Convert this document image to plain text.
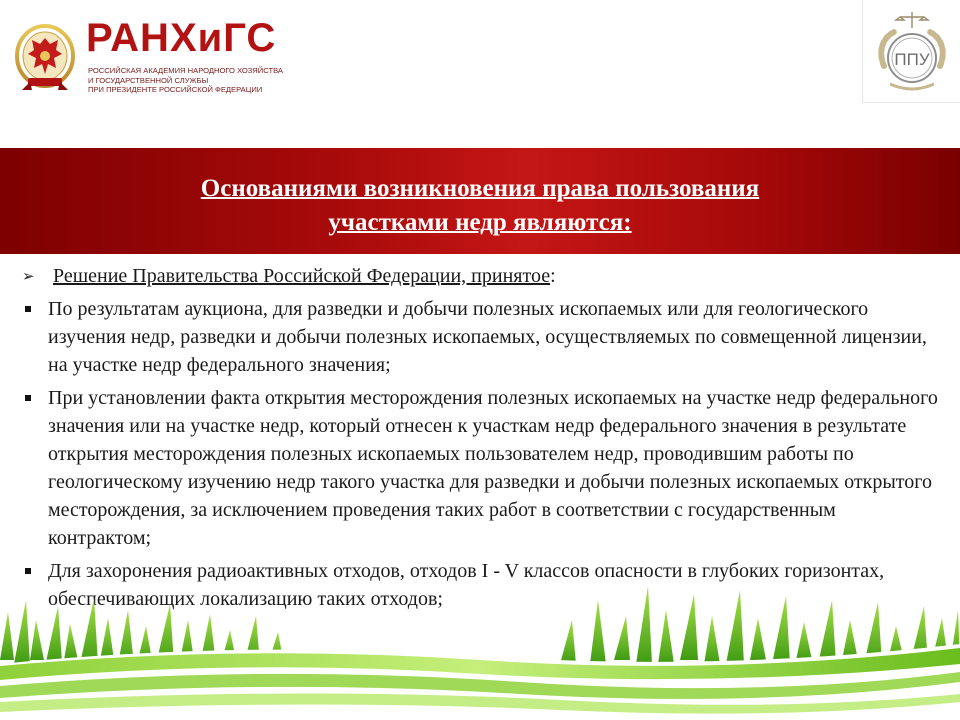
РАНХиГС
РОССИЙСКАЯ АКАДЕМИЯ НАРОДНОГО ХОЗЯЙСТВА
И ГОСУДАРСТВЕННОЙ СЛУЖБЫ
ПРИ ПРЕЗИДЕНТЕ РОССИЙСКОЙ ФЕДЕРАЦИИ
ППУ
Основаниями возникновения права пользования
участками недр являются:
➢ Решение Правительства Российской Федерации, принятое:
По результатам аукциона, для разведки и добычи полезных ископаемых или для геологического изучения недр, разведки и добычи полезных ископаемых, осуществляемых по совмещенной лицензии, на участке недр федерального значения;
При установлении факта открытия месторождения полезных ископаемых на участке недр федерального значения или на участке недр, который отнесен к участкам недр федерального значения в результате открытия месторождения полезных ископаемых пользователем недр, проводившим работы по геологическому изучению недр такого участка для разведки и добычи полезных ископаемых открытого месторождения, за исключением проведения таких работ в соответствии с государственным контрактом;
Для захоронения радиоактивных отходов, отходов I - V классов опасности в глубоких горизонтах, обеспечивающих локализацию таких отходов;
